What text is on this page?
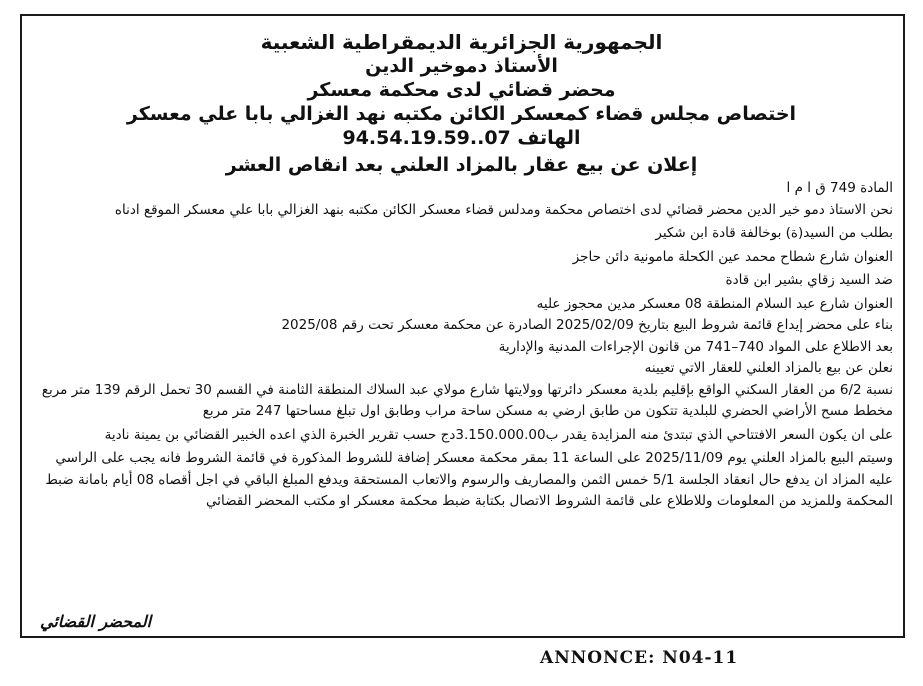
الجمهورية الجزائرية الديمقراطية الشعبية
الأستاذ دموخير الدين
محضر قضائي لدى محكمة معسكر
اختصاص مجلس قضاء كمعسكر الكائن مكتبه نهد الغزالي بابا علي معسكر
الهاتف 94.54.19.59..07
إعلان عن بيع عقار بالمزاد العلني بعد انقاص العشر

المادة 749 ق ا م ا

نحن الاستاذ دمو خير الدين محضر قضائي لدى اختصاص محكمة ومدلس قضاء معسكر الكائن مكتبه بنهد الغزالي بابا علي معسكر الموقع ادناه

بطلب من السيد(ة) بوخالفة قادة ابن شكير

العنوان شارع شطاح محمد عين الكحلة مامونية دائن حاجز

ضد السيد زقاي بشير ابن قادة

العنوان شارع عبد السلام المنطقة 08 معسكر مدين محجوز عليه

بناء على محضر إيداع قائمة شروط البيع بتاريخ 2025/02/09 الصادرة عن محكمة معسكر تحت رقم 2025/08

بعد الاطلاع على المواد 740–741 من قانون الإجراءات المدنية والإدارية

نعلن عن بيع بالمزاد العلني للعقار الاتي تعيينه

نسبة 6/2 من العقار السكني الواقع بإقليم بلدية معسكر دائرتها وولايتها شارع مولاي عبد السلاك المنطقة الثامنة في القسم 30 تحمل الرقم 139 متر مربع مخطط مسح الأراضي الحضري للبلدية تتكون من طابق ارضي به مسكن ساحة مراب وطابق اول تبلغ مساحتها 247 متر مربع

على ان يكون السعر الافتتاحي الذي تبتدئ منه المزايدة يقدر ب3.150.000.00دج حسب تقرير الخبرة الذي اعده الخبير القضائي بن يمينة نادية

وسيتم البيع بالمزاد العلني يوم 2025/11/09 على الساعة 11 بمقر محكمة معسكر إضافة للشروط المذكورة في قائمة الشروط فانه يجب على الراسي عليه المزاد ان يدفع حال انعقاد الجلسة 5/1 خمس الثمن والمصاريف والرسوم والاتعاب المستحقة ويدفع المبلغ الباقي في اجل أقصاه 08 أيام بامانة ضبط المحكمة وللمزيد من المعلومات وللاطلاع على قائمة الشروط الاتصال بكتابة ضبط محكمة معسكر او مكتب المحضر القضائي

المحضر القضائي
ANNONCE: N04-11
